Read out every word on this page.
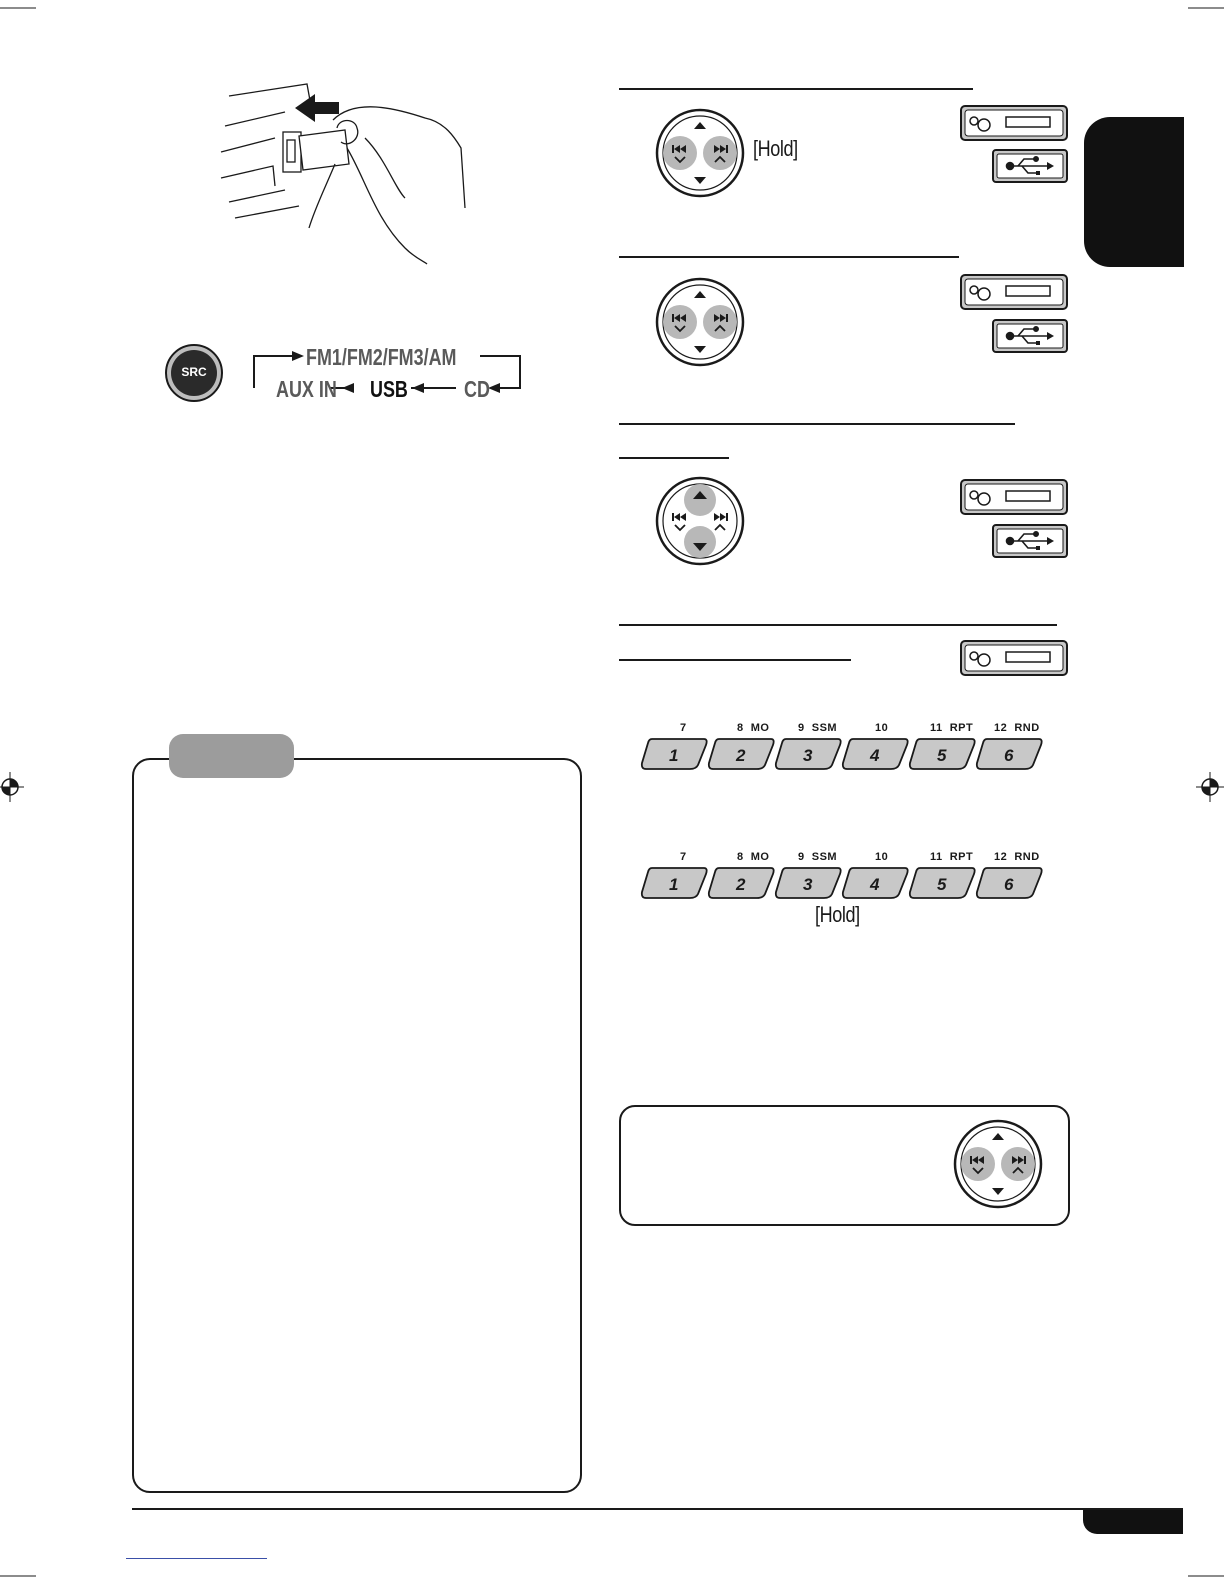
SRC
FM1/FM2/FM3/AM
AUX IN USB CD
[Hold]
7
1
8  MO
2
9  SSM
3
10
4
11  RPT
5
12  RND
6
7
1
8  MO
2
9  SSM
3
10
4
11  RPT
5
12  RND
6
[Hold]
